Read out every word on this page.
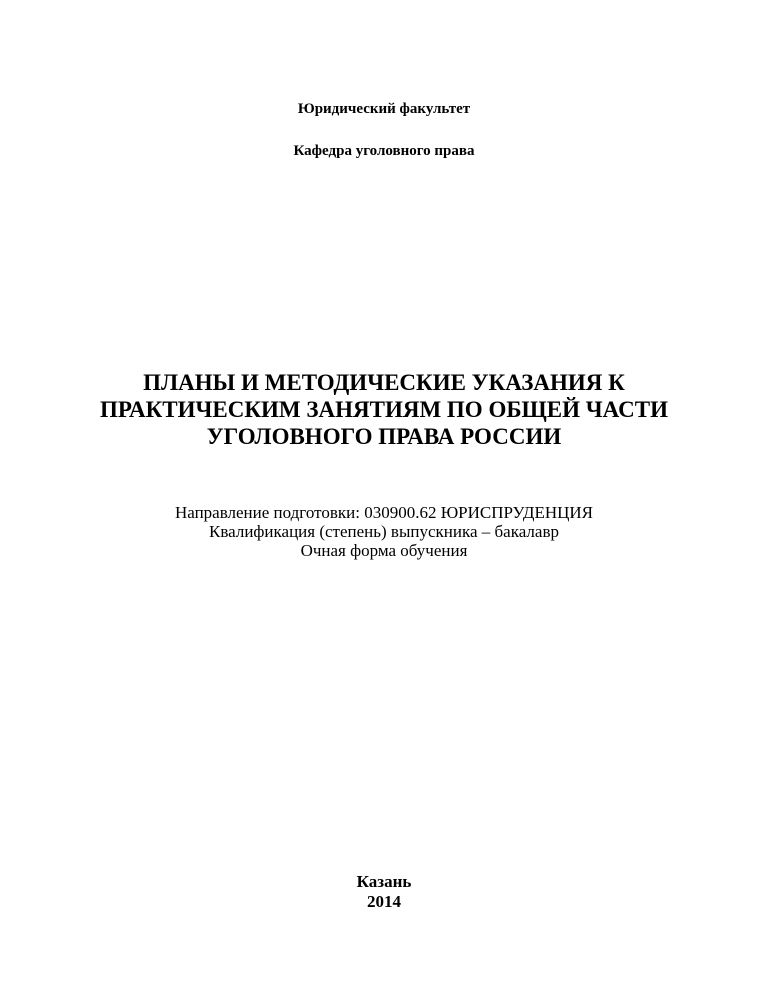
Юридический факультет
Кафедра уголовного права
ПЛАНЫ И МЕТОДИЧЕСКИЕ УКАЗАНИЯ К
ПРАКТИЧЕСКИМ ЗАНЯТИЯМ ПО ОБЩЕЙ ЧАСТИ
УГОЛОВНОГО ПРАВА РОССИИ
Направление подготовки: 030900.62 ЮРИСПРУДЕНЦИЯ
Квалификация (степень) выпускника – бакалавр
Очная форма обучения
Казань
2014
